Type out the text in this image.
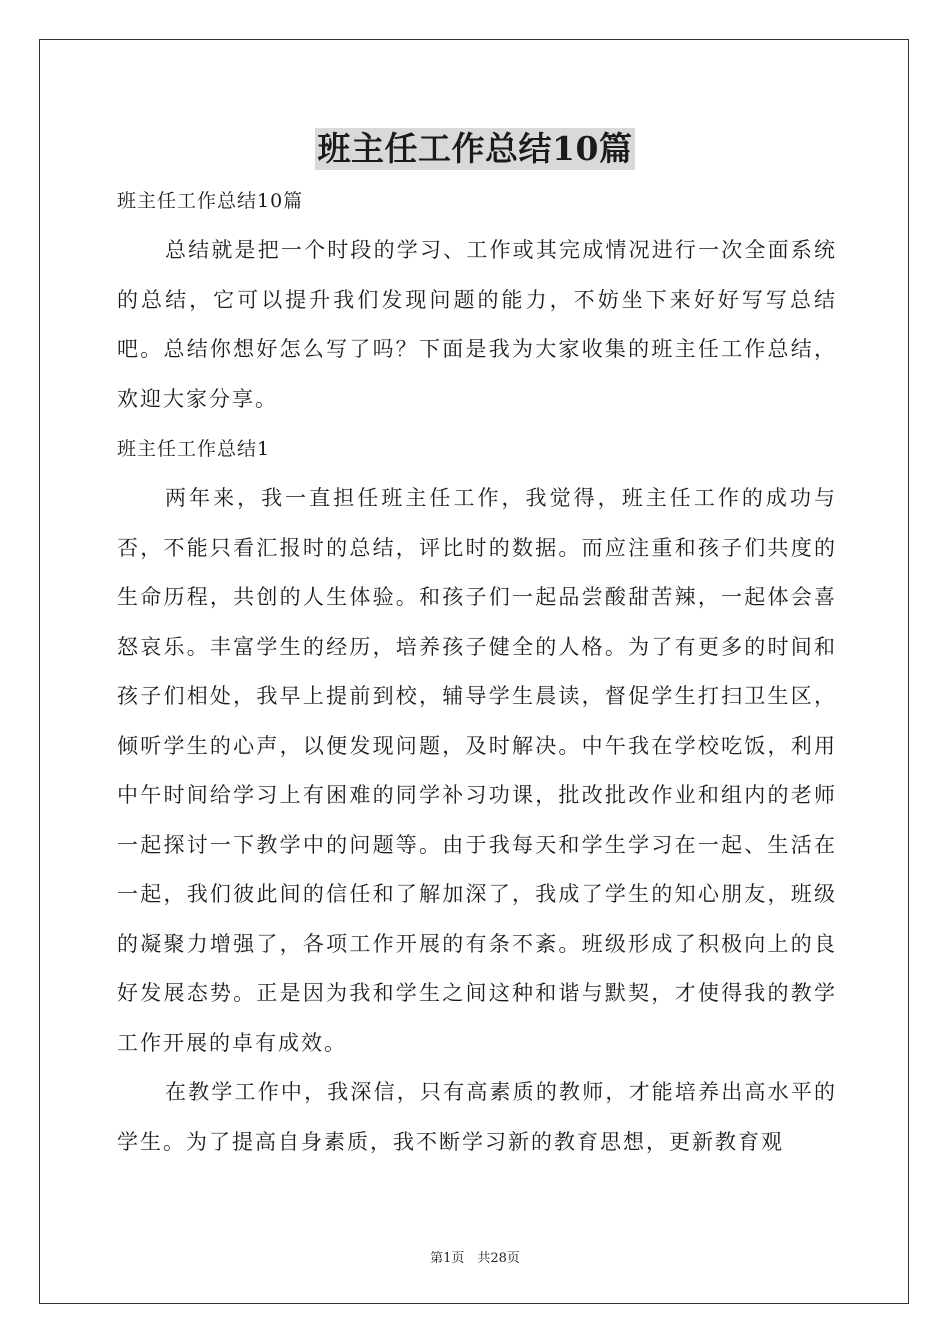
班主任工作总结10篇

班主任工作总结10篇

总结就是把一个时段的学习、工作或其完成情况进行一次全面系统的总结，它可以提升我们发现问题的能力，不妨坐下来好好写写总结吧。总结你想好怎么写了吗？下面是我为大家收集的班主任工作总结，欢迎大家分享。

班主任工作总结1

两年来，我一直担任班主任工作，我觉得，班主任工作的成功与否，不能只看汇报时的总结，评比时的数据。而应注重和孩子们共度的生命历程，共创的人生体验。和孩子们一起品尝酸甜苦辣，一起体会喜怒哀乐。丰富学生的经历，培养孩子健全的人格。为了有更多的时间和孩子们相处，我早上提前到校，辅导学生晨读，督促学生打扫卫生区，倾听学生的心声，以便发现问题，及时解决。中午我在学校吃饭，利用中午时间给学习上有困难的同学补习功课，批改批改作业和组内的老师一起探讨一下教学中的问题等。由于我每天和学生学习在一起、生活在一起，我们彼此间的信任和了解加深了，我成了学生的知心朋友，班级的凝聚力增强了，各项工作开展的有条不紊。班级形成了积极向上的良好发展态势。正是因为我和学生之间这种和谐与默契，才使得我的教学工作开展的卓有成效。

在教学工作中，我深信，只有高素质的教师，才能培养出高水平的学生。为了提高自身素质，我不断学习新的教育思想，更新教育观

第1页　共28页
